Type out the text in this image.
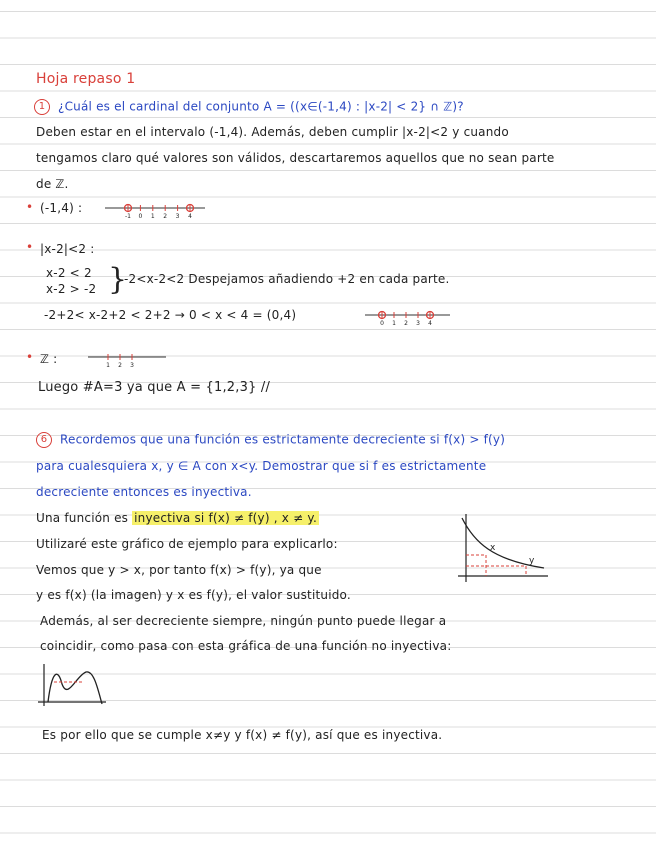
Hoja repaso 1
1 ¿Cuál es el cardinal del conjunto A = ((x∈(-1,4) : |x-2| < 2} ∩ ℤ)?
Deben estar en el intervalo (-1,4). Además, deben cumplir |x-2|<2 y cuando
tengamos claro qué valores son válidos, descartaremos aquellos que no sean parte
de ℤ.
• (-1,4) :
-1 0 1 2 3 4
• |x-2|<2 :
x-2 < 2
x-2 > -2 }
-2<x-2<2 Despejamos añadiendo +2 en cada parte.
-2+2< x-2+2 < 2+2 → 0 < x < 4 = (0,4)
0 1 2 3 4
• ℤ :	1 2 3
Luego #A=3 ya que A = {1,2,3} //
6 Recordemos que una función es estrictamente decreciente si f(x) > f(y)
para cualesquiera x, y ∈ A con x<y. Demostrar que si f es estrictamente
decreciente entonces es inyectiva.
Una función es inyectiva si f(x) ≠ f(y) , x ≠ y.
Utilizaré este gráfico de ejemplo para explicarlo:
Vemos que y > x, por tanto f(x) > f(y), ya que
y es f(x) (la imagen) y x es f(y), el valor sustituido.
x
y
Además, al ser decreciente siempre, ningún punto puede llegar a
coincidir, como pasa con esta gráfica de una función no inyectiva:
Es por ello que se cumple x≠y y f(x) ≠ f(y), así que es inyectiva.
